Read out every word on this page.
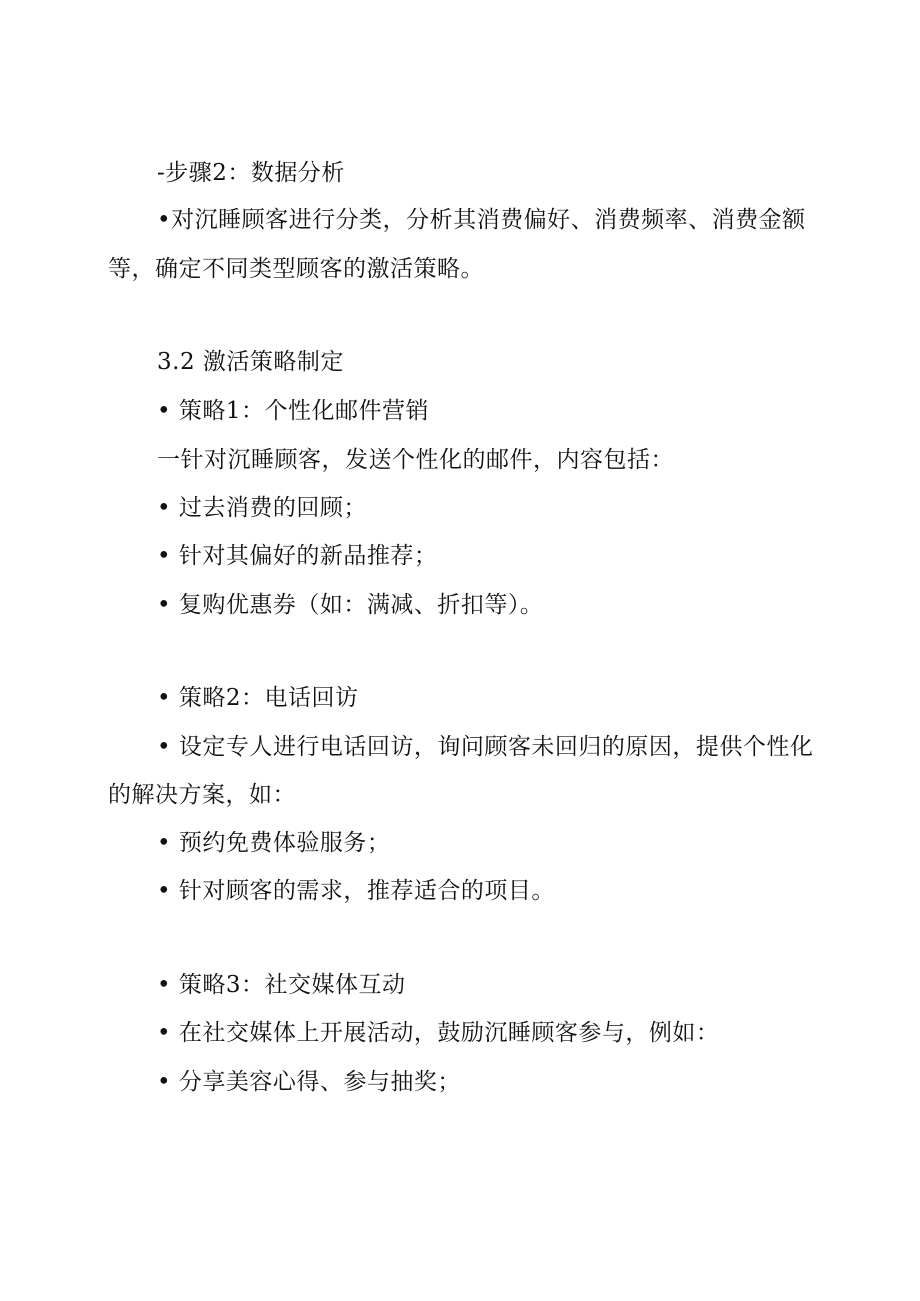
-步骤2：数据分析
•对沉睡顾客进行分类，分析其消费偏好、消费频率、消费金额
等，确定不同类型顾客的激活策略。
3.2 激活策略制定
• 策略1：个性化邮件营销
一针对沉睡顾客，发送个性化的邮件，内容包括：
• 过去消费的回顾；
• 针对其偏好的新品推荐；
• 复购优惠券（如：满减、折扣等）。
• 策略2：电话回访
• 设定专人进行电话回访，询问顾客未回归的原因，提供个性化
的解决方案，如：
• 预约免费体验服务；
• 针对顾客的需求，推荐适合的项目。
• 策略3：社交媒体互动
• 在社交媒体上开展活动，鼓励沉睡顾客参与，例如：
• 分享美容心得、参与抽奖；
